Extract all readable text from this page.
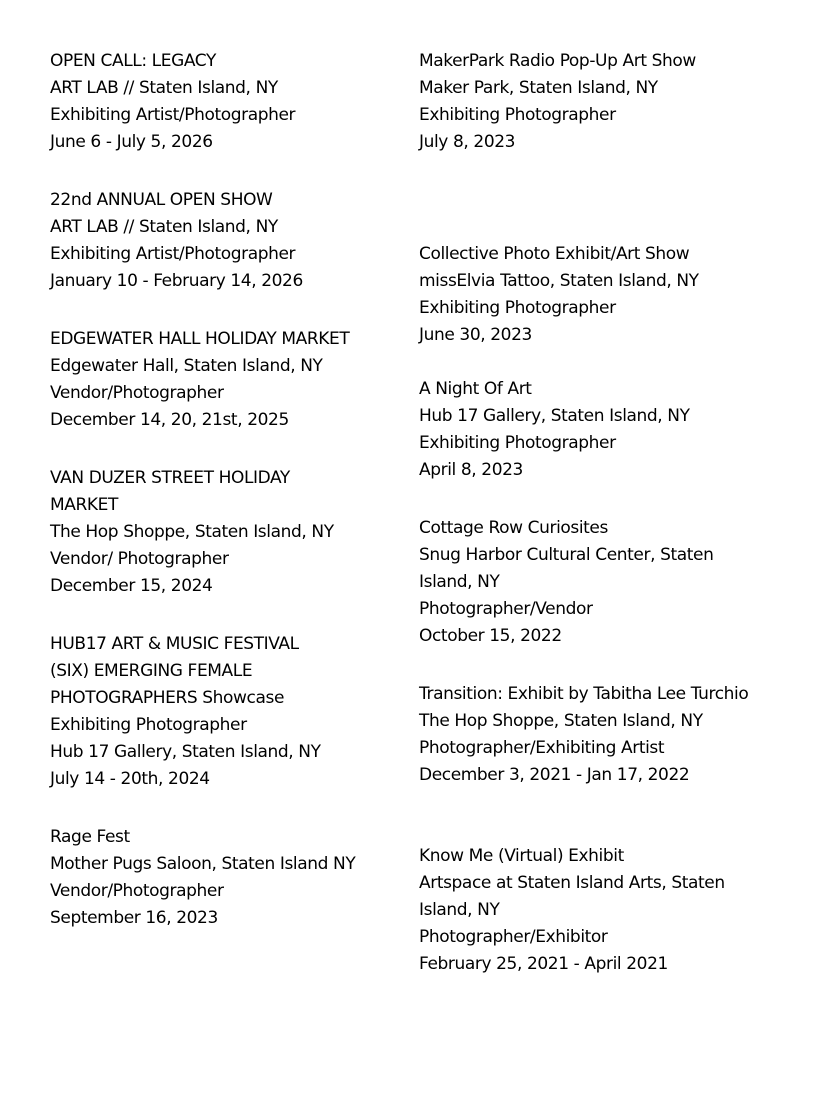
OPEN CALL: LEGACY
ART LAB // Staten Island, NY
Exhibiting Artist/Photographer
June 6 - July 5, 2026
22nd ANNUAL OPEN SHOW
ART LAB // Staten Island, NY
Exhibiting Artist/Photographer
January 10 - February 14, 2026
EDGEWATER HALL HOLIDAY MARKET
Edgewater Hall, Staten Island, NY
Vendor/Photographer
December 14, 20, 21st, 2025
VAN DUZER STREET HOLIDAY
MARKET
The Hop Shoppe, Staten Island, NY
Vendor/ Photographer
December 15, 2024
HUB17 ART & MUSIC FESTIVAL
(SIX) EMERGING FEMALE
PHOTOGRAPHERS Showcase
Exhibiting Photographer
Hub 17 Gallery, Staten Island, NY
July 14 - 20th, 2024
Rage Fest
Mother Pugs Saloon, Staten Island NY
Vendor/Photographer
September 16, 2023
MakerPark Radio Pop-Up Art Show
Maker Park, Staten Island, NY
Exhibiting Photographer
July 8, 2023
Collective Photo Exhibit/Art Show
missElvia Tattoo, Staten Island, NY
Exhibiting Photographer
June 30, 2023
A Night Of Art
Hub 17 Gallery, Staten Island, NY
Exhibiting Photographer
April 8, 2023
Cottage Row Curiosites
Snug Harbor Cultural Center, Staten
Island, NY
Photographer/Vendor
October 15, 2022
Transition: Exhibit by Tabitha Lee Turchio
The Hop Shoppe, Staten Island, NY
Photographer/Exhibiting Artist
December 3, 2021 - Jan 17, 2022
Know Me (Virtual) Exhibit
Artspace at Staten Island Arts, Staten
Island, NY
Photographer/Exhibitor
February 25, 2021 - April 2021
